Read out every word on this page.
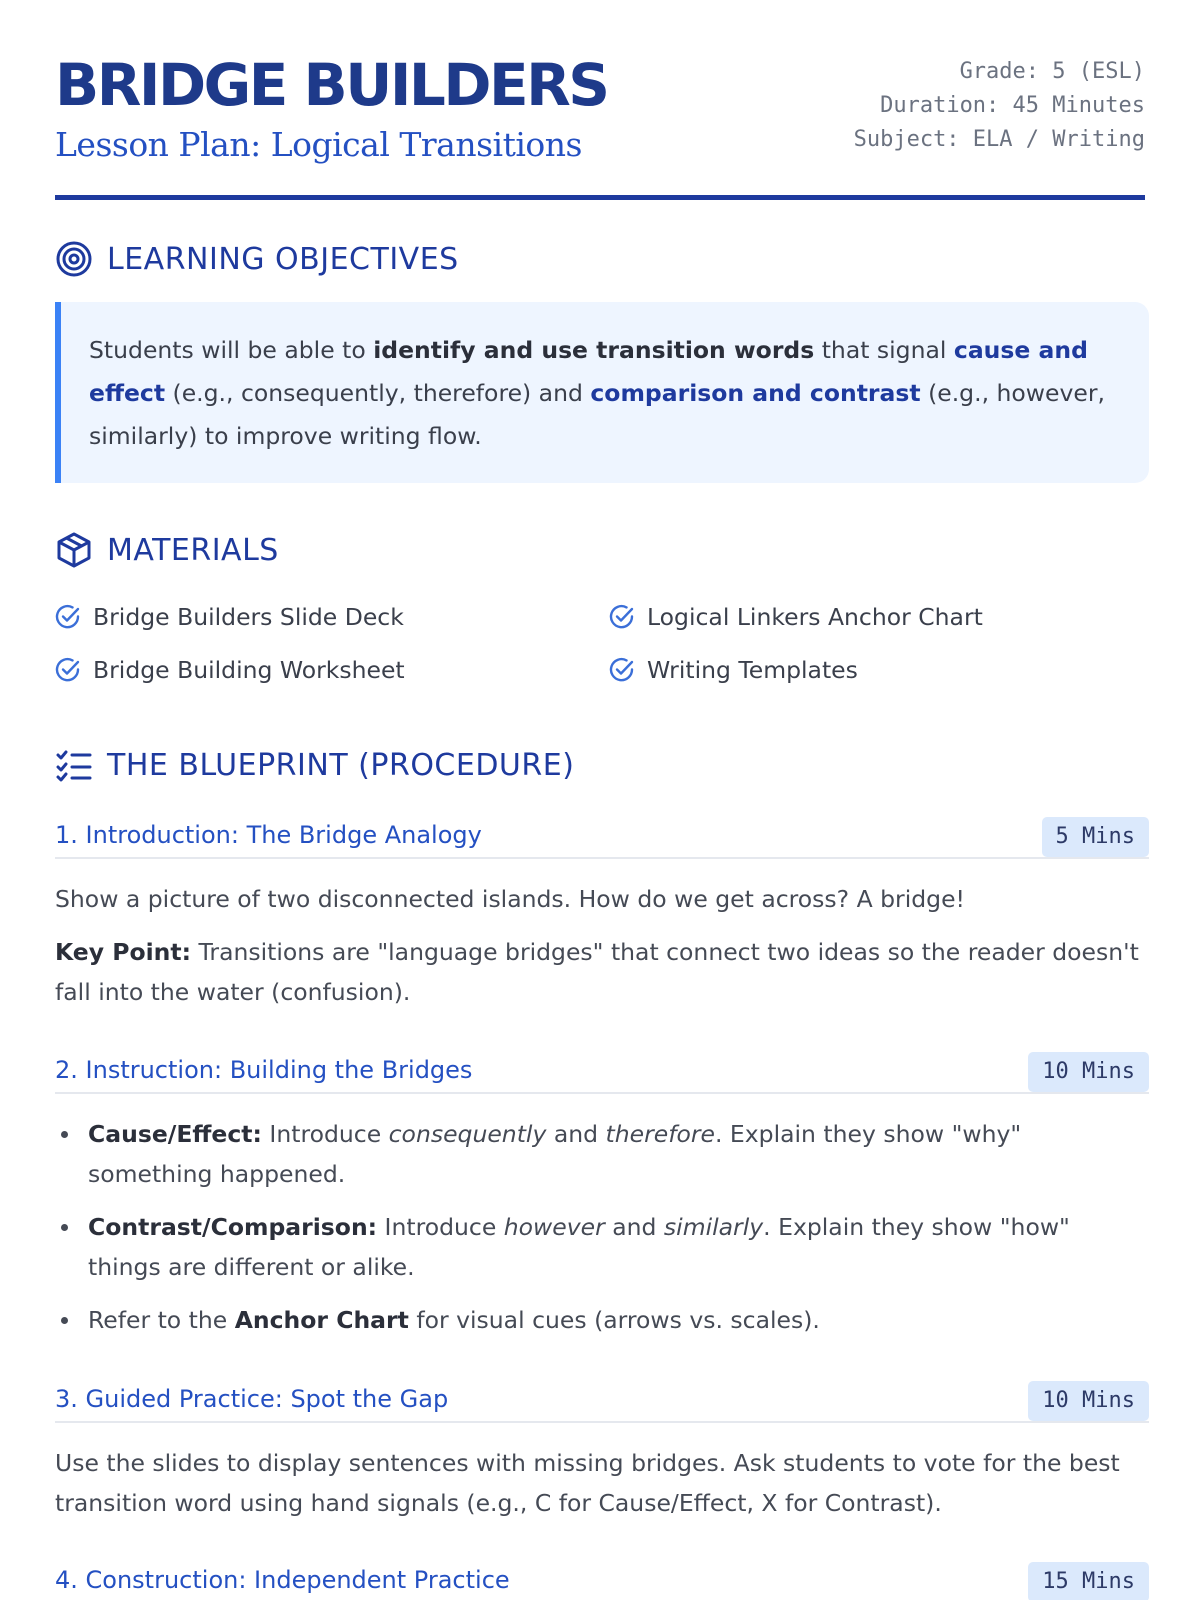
BRIDGE BUILDERS
Lesson Plan: Logical Transitions
Grade: 5 (ESL)
Duration: 45 Minutes
Subject: ELA / Writing
LEARNING OBJECTIVES
Students will be able to identify and use transition words that signal cause and effect (e.g., consequently, therefore) and comparison and contrast (e.g., however, similarly) to improve writing flow.
MATERIALS
Bridge Builders Slide Deck	Logical Linkers Anchor Chart
Bridge Building Worksheet	Writing Templates
THE BLUEPRINT (PROCEDURE)
1. Introduction: The Bridge Analogy	5 Mins
Show a picture of two disconnected islands. How do we get across? A bridge!
Key Point: Transitions are "language bridges" that connect two ideas so the reader doesn't fall into the water (confusion).
2. Instruction: Building the Bridges	10 Mins
Cause/Effect: Introduce consequently and therefore. Explain they show "why" something happened.
Contrast/Comparison: Introduce however and similarly. Explain they show "how" things are different or alike.
Refer to the Anchor Chart for visual cues (arrows vs. scales).
3. Guided Practice: Spot the Gap	10 Mins
Use the slides to display sentences with missing bridges. Ask students to vote for the best transition word using hand signals (e.g., C for Cause/Effect, X for Contrast).
4. Construction: Independent Practice	15 Mins
